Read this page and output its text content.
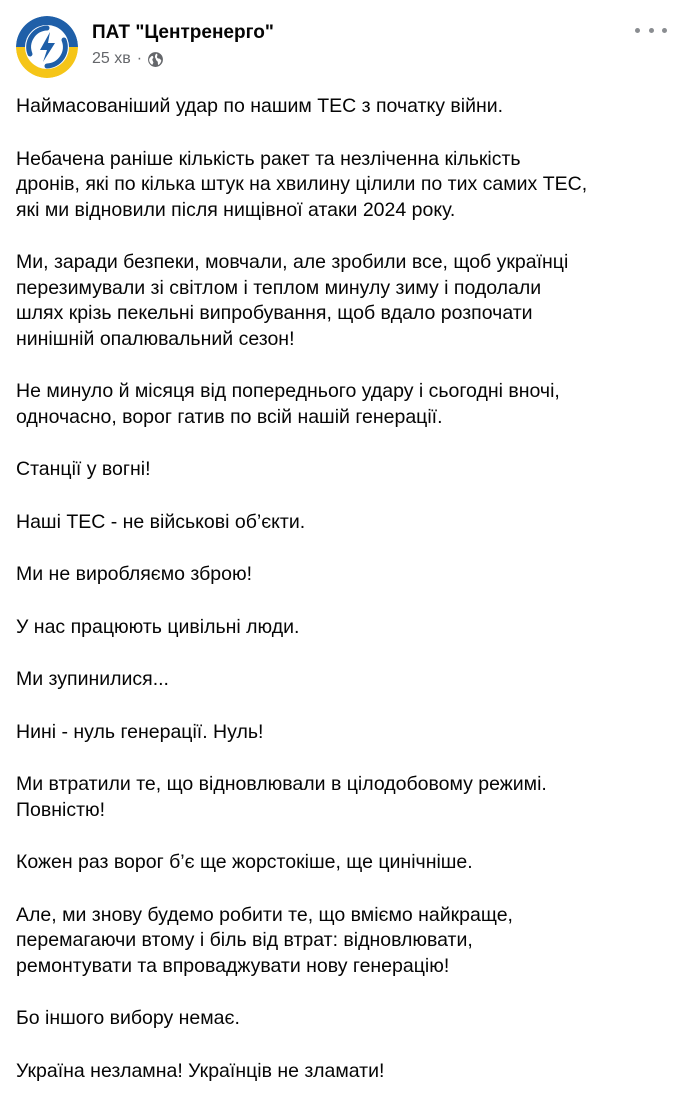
ПАТ "Центренерго"
25 хв ·
Наймасованіший удар по нашим ТЕС з початку війни.
Небачена раніше кількість ракет та незліченна кількість
дронів, які по кілька штук на хвилину цілили по тих самих ТЕС,
які ми відновили після нищівної атаки 2024 року.
Ми, заради безпеки, мовчали, але зробили все, щоб українці
перезимували зі світлом і теплом минулу зиму і подолали
шлях крізь пекельні випробування, щоб вдало розпочати
нинішній опалювальний сезон!
Не минуло й місяця від попереднього удару і сьогодні вночі,
одночасно, ворог гатив по всій нашій генерації.
Станції у вогні!
Наші ТЕС - не військові об’єкти.
Ми не виробляємо зброю!
У нас працюють цивільні люди.
Ми зупинилися...
Нині - нуль генерації. Нуль!
Ми втратили те, що відновлювали в цілодобовому режимі.
Повністю!
Кожен раз ворог б’є ще жорстокіше, ще цинічніше.
Але, ми знову будемо робити те, що вміємо найкраще,
перемагаючи втому і біль від втрат: відновлювати,
ремонтувати та впроваджувати нову генерацію!
Бо іншого вибору немає.
Україна незламна! Українців не зламати!
